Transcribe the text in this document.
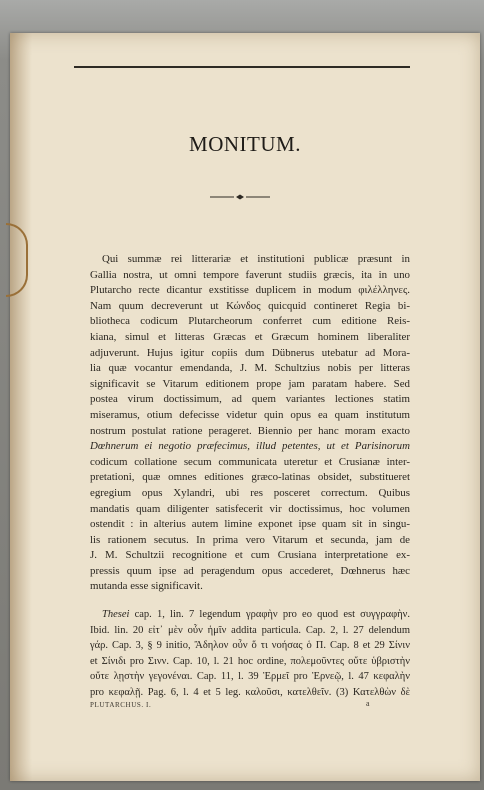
MONITUM.
Qui summæ rei litterariæ et institutioni publicæ præsunt in
Gallia nostra, ut omni tempore faverunt studiis græcis, ita in uno
Plutarcho recte dicantur exstitisse duplicem in modum φιλέλληνες.
Nam quum decreverunt ut Κώνδος quicquid contineret Regia bi-
bliotheca codicum Plutarcheorum conferret cum editione Reis-
kiana, simul et litteras Græcas et Græcum hominem liberaliter
adjuverunt. Hujus igitur copiis dum Dübnerus utebatur ad Mora-
lia quæ vocantur emendanda, J. M. Schultzius nobis per litteras
significavit se Vitarum editionem prope jam paratam habere. Sed
postea virum doctissimum, ad quem variantes lectiones statim
miseramus, otium defecisse videtur quin opus ea quam institutum
nostrum postulat ratione perageret. Biennio per hanc moram exacto
Dœhnerum ei negotio præfecimus, illud petentes, ut et Parisinorum
codicum collatione secum communicata uteretur et Crusianæ inter-
pretationi, quæ omnes editiones græco-latinas obsidet, substitueret
egregium opus Xylandri, ubi res posceret correctum. Quibus
mandatis quam diligenter satisfecerit vir doctissimus, hoc volumen
ostendit : in alterius autem limine exponet ipse quam sit in singu-
lis rationem secutus. In prima vero Vitarum et secunda, jam de
J. M. Schultzii recognitione et cum Crusiana interpretatione ex-
pressis quum ipse ad peragendum opus accederet, Dœhnerus hæc
mutanda esse significavit.
Thesei cap. 1, lin. 7 legendum γραφὴν pro eo quod est συγγραφὴν.
Ibid. lin. 20 εἰτ᾽ μὲν οὖν ἡμῖν addita particula. Cap. 2, l. 27 delendum
γάρ. Cap. 3, § 9 initio, Ἄδηλον οὖν ὅ τι νοήσας ὁ Π. Cap. 8 et 29 Σίνιν
et Σίνιδι pro Σινν. Cap. 10, l. 21 hoc ordine, πολεμοῦντες οὔτε ὑβριστὴν
οὔτε λῃστὴν γεγονέναι. Cap. 11, l. 39 Ἑρμεῖ pro Ἑρνεῷ, l. 47 κεφαλὴν
pro κεφαλῇ. Pag. 6, l. 4 et 5 leg. καλοῦσι, κατελθεῖν. (3) Κατελθὼν δὲ
PLUTARCHUS. I.	a
